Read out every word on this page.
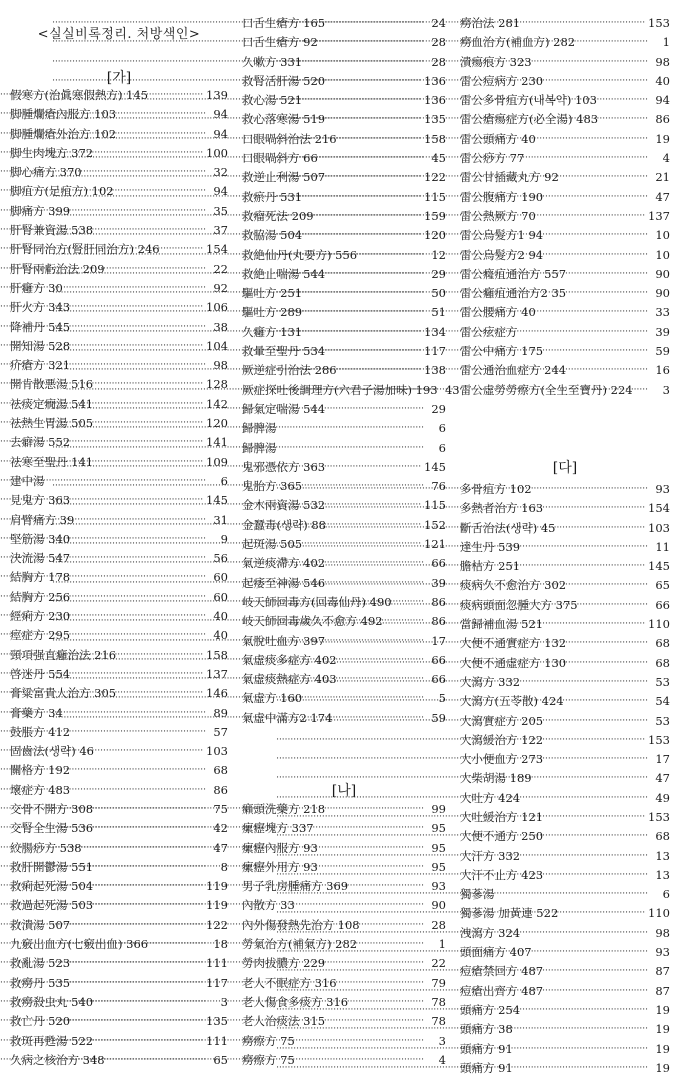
<실실비록정리. 처방색인>
[가]
假寒方(治眞寒假熱方) 145	····· 139
脚腫爛瘡內服方 103	····· 94
脚腫爛瘡外治方 102	····· 94
脚生肉塊方 372	····· 100
脚心痛方 370	····· 32
脚疽方(足疽方) 102	····· 94
脚痛方 399	····· 35
肝腎兼資湯 538	····· 37
肝腎同治方(腎肝同治方) 246	····· 154
肝腎兩虧治法 209	····· 22
肝癰方 30	····· 92
肝火方 343	····· 106
降補丹 545	····· 38
開知湯 528	····· 104
疥瘡方 321	····· 98
開肯散悪湯 516	····· 128
祛痰定癇湯 541	····· 142
祛熱生胃湯 505	····· 120
去癖湯 552	····· 141
祛寒至聖丹 141	····· 109
建中湯	····· 6
見鬼方 363	····· 145
肩臂痛方 39	····· 31
堅筋湯 340	····· 9
決流湯 547	····· 56
結胸方 178	····· 60
結胸方 256	····· 60
經痢方 230	····· 40
痙症方 295	····· 40
頸項强直癰治法 216	····· 158
啓迷丹 554	····· 137
膏粱富貴人治方 305	····· 146
膏藥方 34	····· 89
鼓脹方 412	····· 57
固齒法(생략) 46	····· 103
關格方 192	····· 68
壞症方 483	····· 86
交骨不開方 308	····· 75
交腎全生湯 536	····· 42
絞腸痧方 538	····· 47
救肝開鬱湯 551	····· 8
救痢起死湯 504	····· 119
救過起死湯 503	····· 119
救潰湯 507	····· 122
九竅出血方(七竅出血) 366	····· 18
救亂湯 523	····· 111
救癆丹 535	····· 117
救癆殺虫丸 540	····· 3
救亡丹 520	····· 135
救斑再甦湯 522	····· 111
久病之核治方 348	····· 65
口舌生瘡方 165	····· 24
口舌生瘡方 92	····· 28
久嗽方 331	····· 28
救腎活肝湯 520	····· 136
救心湯 521	····· 136
救心落寒湯 519	····· 135
口眼喎斜治法 216	····· 158
口眼喎斜方 66	····· 45
救逆止利湯 507	····· 122
救瘀丹 531	····· 115
救瘤死法 209	····· 159
救脇湯 504	····· 120
救絶仙丹(丸要方) 556	····· 12
救絶止喘湯 544	····· 29
驅吐方 251	····· 50
驅吐方 289	····· 51
久癰方 131	····· 134
救暈至聖丹 534	····· 117
厥逆症引治法 286	····· 138
厥症探吐後調理方(六君子湯加味) 193 ····· 43
歸氣定喘湯 544	····· 29
歸脾湯	····· 6
歸脾湯	····· 6
鬼邪憑依方 363	····· 145
鬼胎方 365	····· 76
金木兩資湯 532	····· 115
金蠶毒(생략) 88	····· 152
起斑湯 505	····· 121
氣逆痰滯方 402	····· 66
起痿至神湯 546	····· 39
岐天師回毒方(回毒仙丹) 490	····· 86
岐天師回毒歲久不愈方 492	····· 86
氣脫吐血方 397	····· 17
氣虛痰多症方 402	····· 66
氣虛痰熱症方 403	····· 66
氣虛方 160	····· 5
氣虛中滿方2 174	····· 59
[나]
癩頭洗藥方 218	····· 99
瘰癧塊方 337	····· 95
瘰癧內服方 93	····· 95
瘰癧外用方 93	····· 95
男子乳房腫痛方 369	····· 93
內散方 33	····· 90
內外傷發熱先治方 108	····· 28
勞氣治方(補氣方) 282	····· 1
勞肉拔膿方 229	····· 22
老人不眠症方 316	····· 79
老人傷食多痰方 316	····· 78
老人治痰法 315	····· 78
癆瘵方 75	····· 3
癆瘵方 75	····· 4
癆治法 281	····· 153
癆血治方(補血方) 282	····· 1
潰瘍痕方 323	····· 98
雷公痘病方 230	····· 40
雷公多骨疽方(내복약) 103	····· 94
雷公瘡瘍症方(必全湯) 483	····· 86
雷公頭痛方 40	····· 19
雷公痧方 77	····· 4
雷公甘插藏丸方 92	····· 21
雷公腹痛方 190	····· 47
雷公熱厥方 70	····· 137
雷公烏髮方1 94	····· 10
雷公烏髮方2 94	····· 10
雷公癃疽通治方 557	····· 90
雷公癰疽通治方2 35	····· 90
雷公腰痛方 40	····· 33
雷公痃症方	····· 39
雷公中痛方 175	····· 59
雷公通治血症方 244	····· 16
雷公虛勞勞瘵方(全生至寶丹) 224	····· 3
[다]
多骨疽方 102	····· 93
多熱者治方 163	····· 154
斷舌治法(생략) 45	····· 103
達生丹 539	····· 11
膽枯方 251	····· 145
痰病久不愈治方 302	····· 65
痰病頭面忽腫大方 375	····· 66
當歸補血湯 521	····· 110
大便不通實症方 132	····· 68
大便不通虛症方 130	····· 68
大瀉方 332	····· 53
大瀉方(五苓散) 424	····· 54
大瀉實症方 205	····· 53
大瀉緩治方 122	····· 153
大小便血方 273	····· 17
大柴胡湯 189	····· 47
大吐方 424	····· 49
大吐緩治方 121	····· 153
大便不通方 250	····· 68
大汗方 332	····· 13
大汗不止方 423	····· 13
獨蔘湯	····· 6
獨蔘湯 加黃連 522	····· 110
洩瀉方 324	····· 98
頭面痛方 407	····· 93
痘瘡禁回方 487	····· 87
痘瘡出齊方 487	····· 87
頭痛方 254	····· 19
頭痛方 38	····· 19
頭痛方 91	····· 19
頭痛方 91	····· 19
